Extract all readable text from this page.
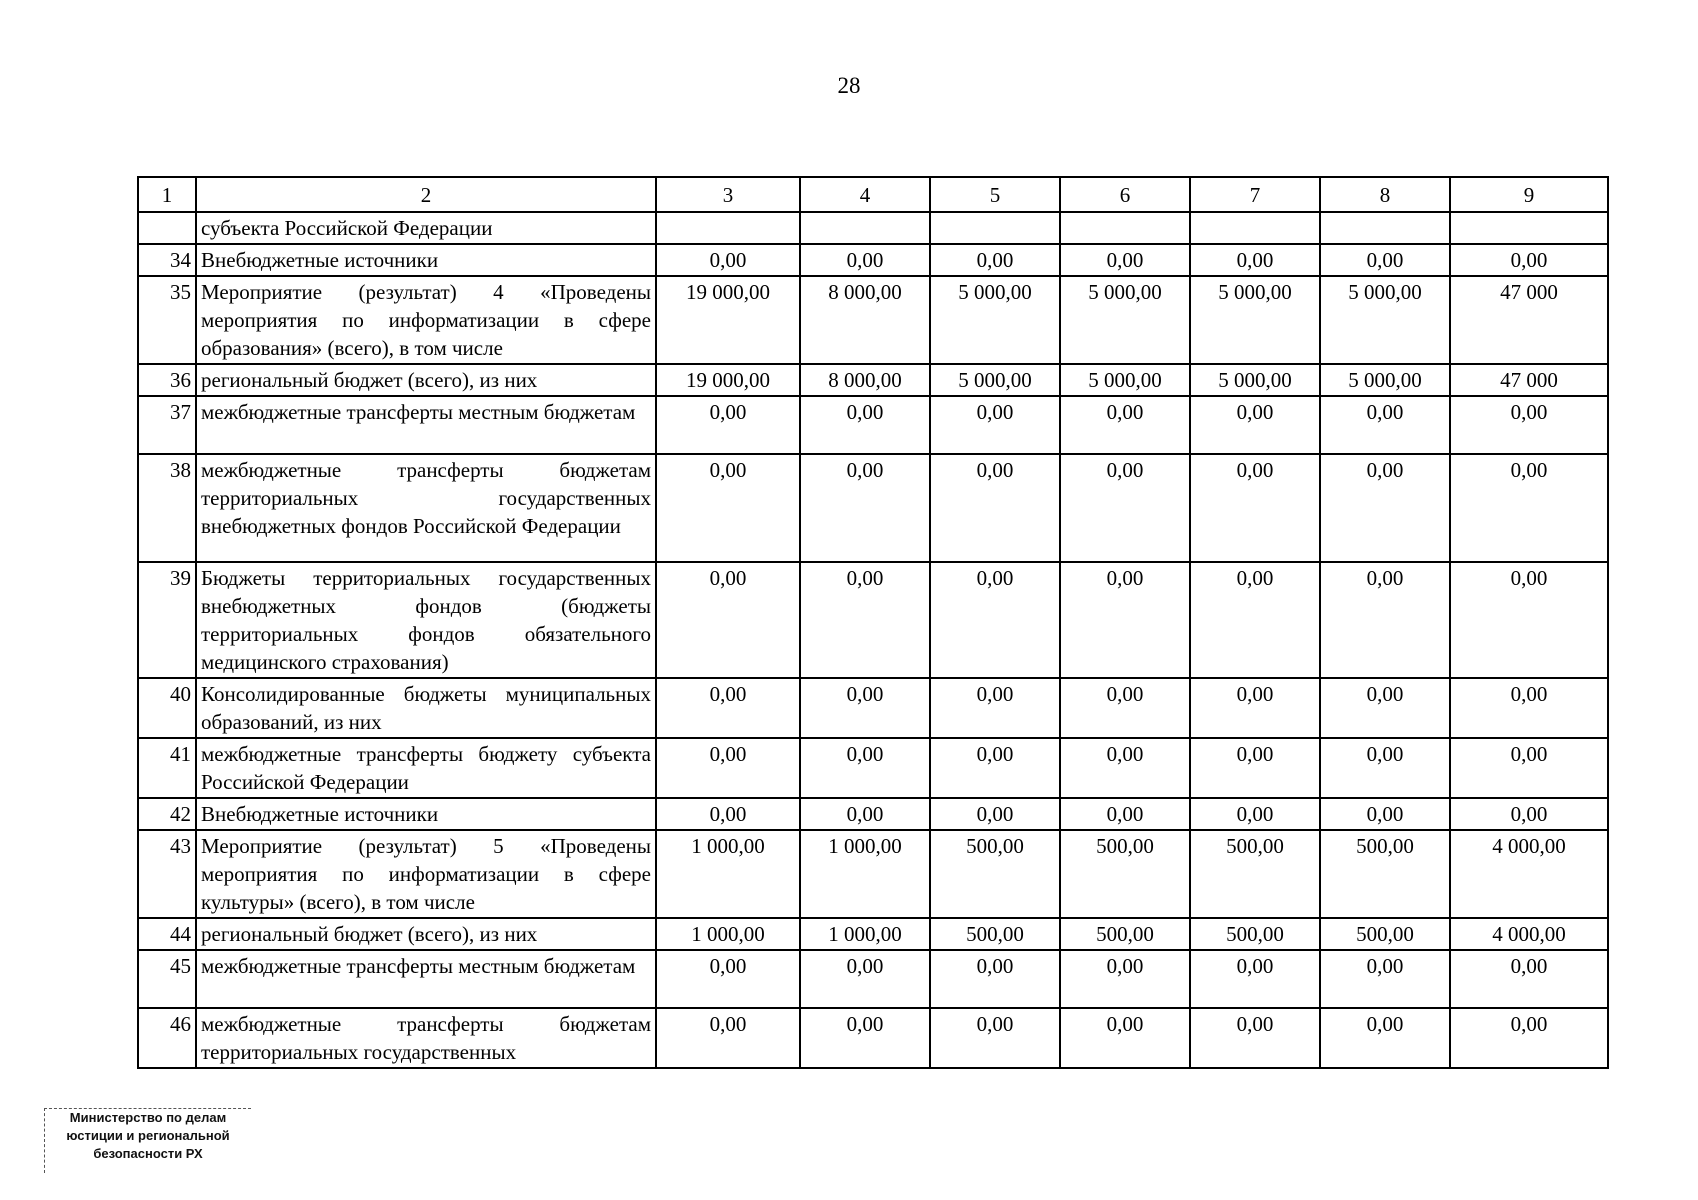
28
1	2	3	4	5	6	7	8	9
	субъекта Российской Федерации							
34	Внебюджетные источники	0,00	0,00	0,00	0,00	0,00	0,00	0,00
35	Мероприятие (результат) 4 «Проведены мероприятия по информатизации в сфере образования» (всего), в том числе	19 000,00	8 000,00	5 000,00	5 000,00	5 000,00	5 000,00	47 000
36	региональный бюджет (всего), из них	19 000,00	8 000,00	5 000,00	5 000,00	5 000,00	5 000,00	47 000
37	межбюджетные трансферты местным бюджетам	0,00	0,00	0,00	0,00	0,00	0,00	0,00
38	межбюджетные трансферты бюджетам территориальных государственных внебюджетных фондов Российской Федерации	0,00	0,00	0,00	0,00	0,00	0,00	0,00
39	Бюджеты территориальных государственных внебюджетных фондов (бюджеты территориальных фондов обязательного медицинского страхования)	0,00	0,00	0,00	0,00	0,00	0,00	0,00
40	Консолидированные бюджеты муниципальных образований, из них	0,00	0,00	0,00	0,00	0,00	0,00	0,00
41	межбюджетные трансферты бюджету субъекта Российской Федерации	0,00	0,00	0,00	0,00	0,00	0,00	0,00
42	Внебюджетные источники	0,00	0,00	0,00	0,00	0,00	0,00	0,00
43	Мероприятие (результат) 5 «Проведены мероприятия по информатизации в сфере культуры» (всего), в том числе	1 000,00	1 000,00	500,00	500,00	500,00	500,00	4 000,00
44	региональный бюджет (всего), из них	1 000,00	1 000,00	500,00	500,00	500,00	500,00	4 000,00
45	межбюджетные трансферты местным бюджетам	0,00	0,00	0,00	0,00	0,00	0,00	0,00
46	межбюджетные трансферты бюджетам территориальных государственных	0,00	0,00	0,00	0,00	0,00	0,00	0,00
Министерство по делам
юстиции и региональной
безопасности РХ
